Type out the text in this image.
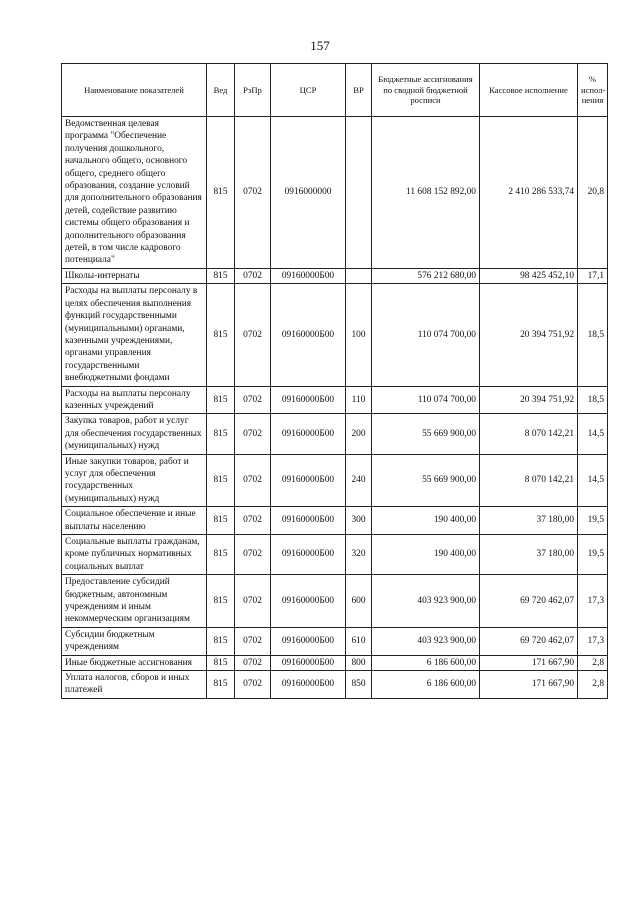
157
Наименование показателей	Вед	РзПр	ЦСР	ВР	Бюджетные ассигнования по сводной бюджетной росписи	Кассовое исполнение	% испол-нения
Ведомственная целевая программа "Обеспечение получения дошкольного, начального общего, основного общего, среднего общего образования, создание условий для дополнительного образования детей, содействие развитию системы общего образования и дополнительного образования детей, в том числе кадрового потенциала"	815	0702	0916000000		11 608 152 892,00	2 410 286 533,74	20,8
Школы-интернаты	815	0702	09160000Б00		576 212 680,00	98 425 452,10	17,1
Расходы на выплаты персоналу в целях обеспечения выполнения функций государственными (муниципальными) органами, казенными учреждениями, органами управления государственными внебюджетными фондами	815	0702	09160000Б00	100	110 074 700,00	20 394 751,92	18,5
Расходы на выплаты персоналу казенных учреждений	815	0702	09160000Б00	110	110 074 700,00	20 394 751,92	18,5
Закупка товаров, работ и услуг для обеспечения государственных (муниципальных) нужд	815	0702	09160000Б00	200	55 669 900,00	8 070 142,21	14,5
Иные закупки товаров, работ и услуг для обеспечения государственных (муниципальных) нужд	815	0702	09160000Б00	240	55 669 900,00	8 070 142,21	14,5
Социальное обеспечение и иные выплаты населению	815	0702	09160000Б00	300	190 400,00	37 180,00	19,5
Социальные выплаты гражданам, кроме публичных нормативных социальных выплат	815	0702	09160000Б00	320	190 400,00	37 180,00	19,5
Предоставление субсидий бюджетным, автономным учреждениям и иным некоммерческим организациям	815	0702	09160000Б00	600	403 923 900,00	69 720 462,07	17,3
Субсидии бюджетным учреждениям	815	0702	09160000Б00	610	403 923 900,00	69 720 462,07	17,3
Иные бюджетные ассигнования	815	0702	09160000Б00	800	6 186 600,00	171 667,90	2,8
Уплата налогов, сборов и иных платежей	815	0702	09160000Б00	850	6 186 600,00	171 667,90	2,8
